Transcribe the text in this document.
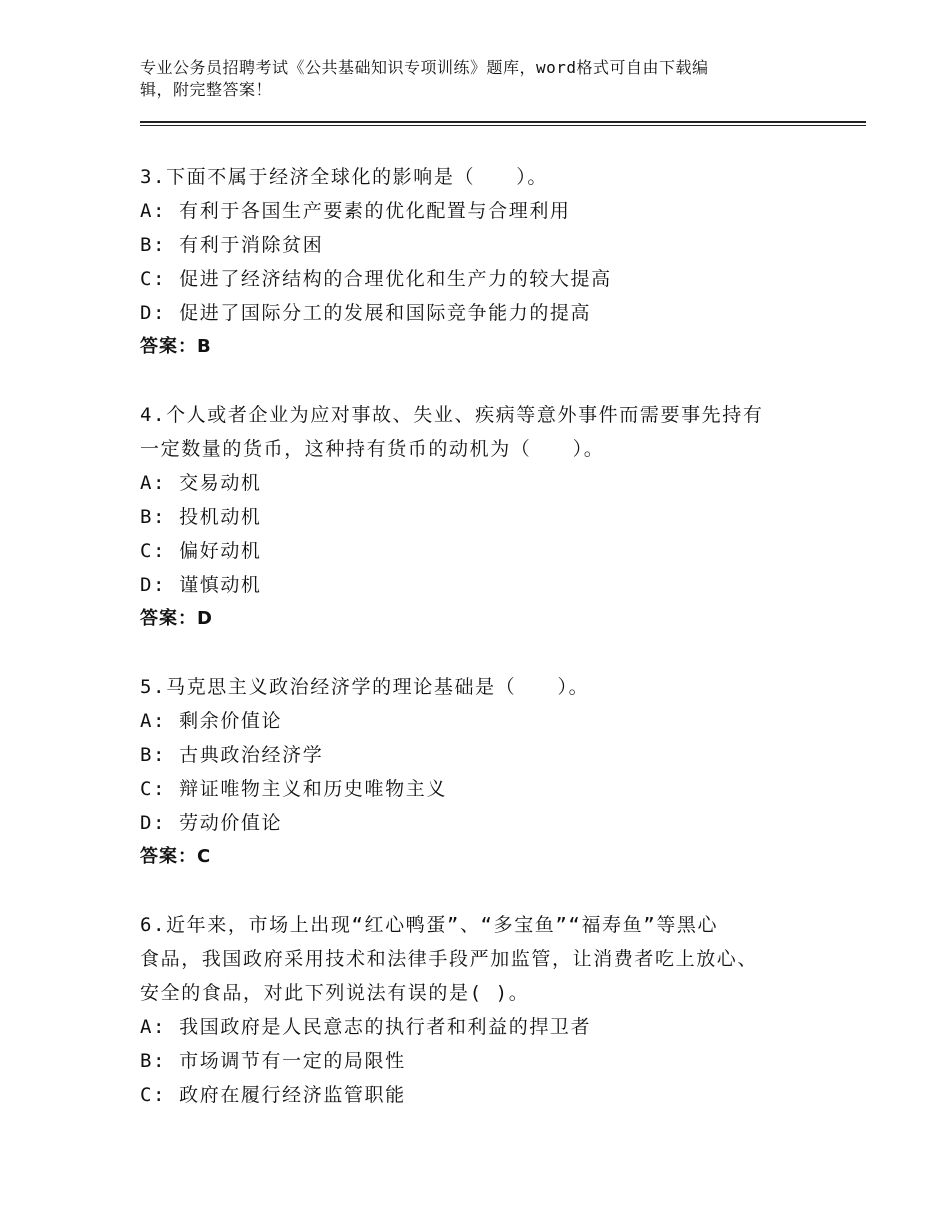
专业公务员招聘考试《公共基础知识专项训练》题库，word格式可自由下载编
辑，附完整答案！
3.下面不属于经济全球化的影响是（　　）。
A: 有利于各国生产要素的优化配置与合理利用
B: 有利于消除贫困
C: 促进了经济结构的合理优化和生产力的较大提高
D: 促进了国际分工的发展和国际竞争能力的提高
答案：B
4.个人或者企业为应对事故、失业、疾病等意外事件而需要事先持有
一定数量的货币，这种持有货币的动机为（　　）。
A: 交易动机
B: 投机动机
C: 偏好动机
D: 谨慎动机
答案：D
5.马克思主义政治经济学的理论基础是（　　）。
A: 剩余价值论
B: 古典政治经济学
C: 辩证唯物主义和历史唯物主义
D: 劳动价值论
答案：C
6.近年来，市场上出现“红心鸭蛋”、“多宝鱼”“福寿鱼”等黑心
食品，我国政府采用技术和法律手段严加监管，让消费者吃上放心、
安全的食品，对此下列说法有误的是( )。
A: 我国政府是人民意志的执行者和利益的捍卫者
B: 市场调节有一定的局限性
C: 政府在履行经济监管职能
